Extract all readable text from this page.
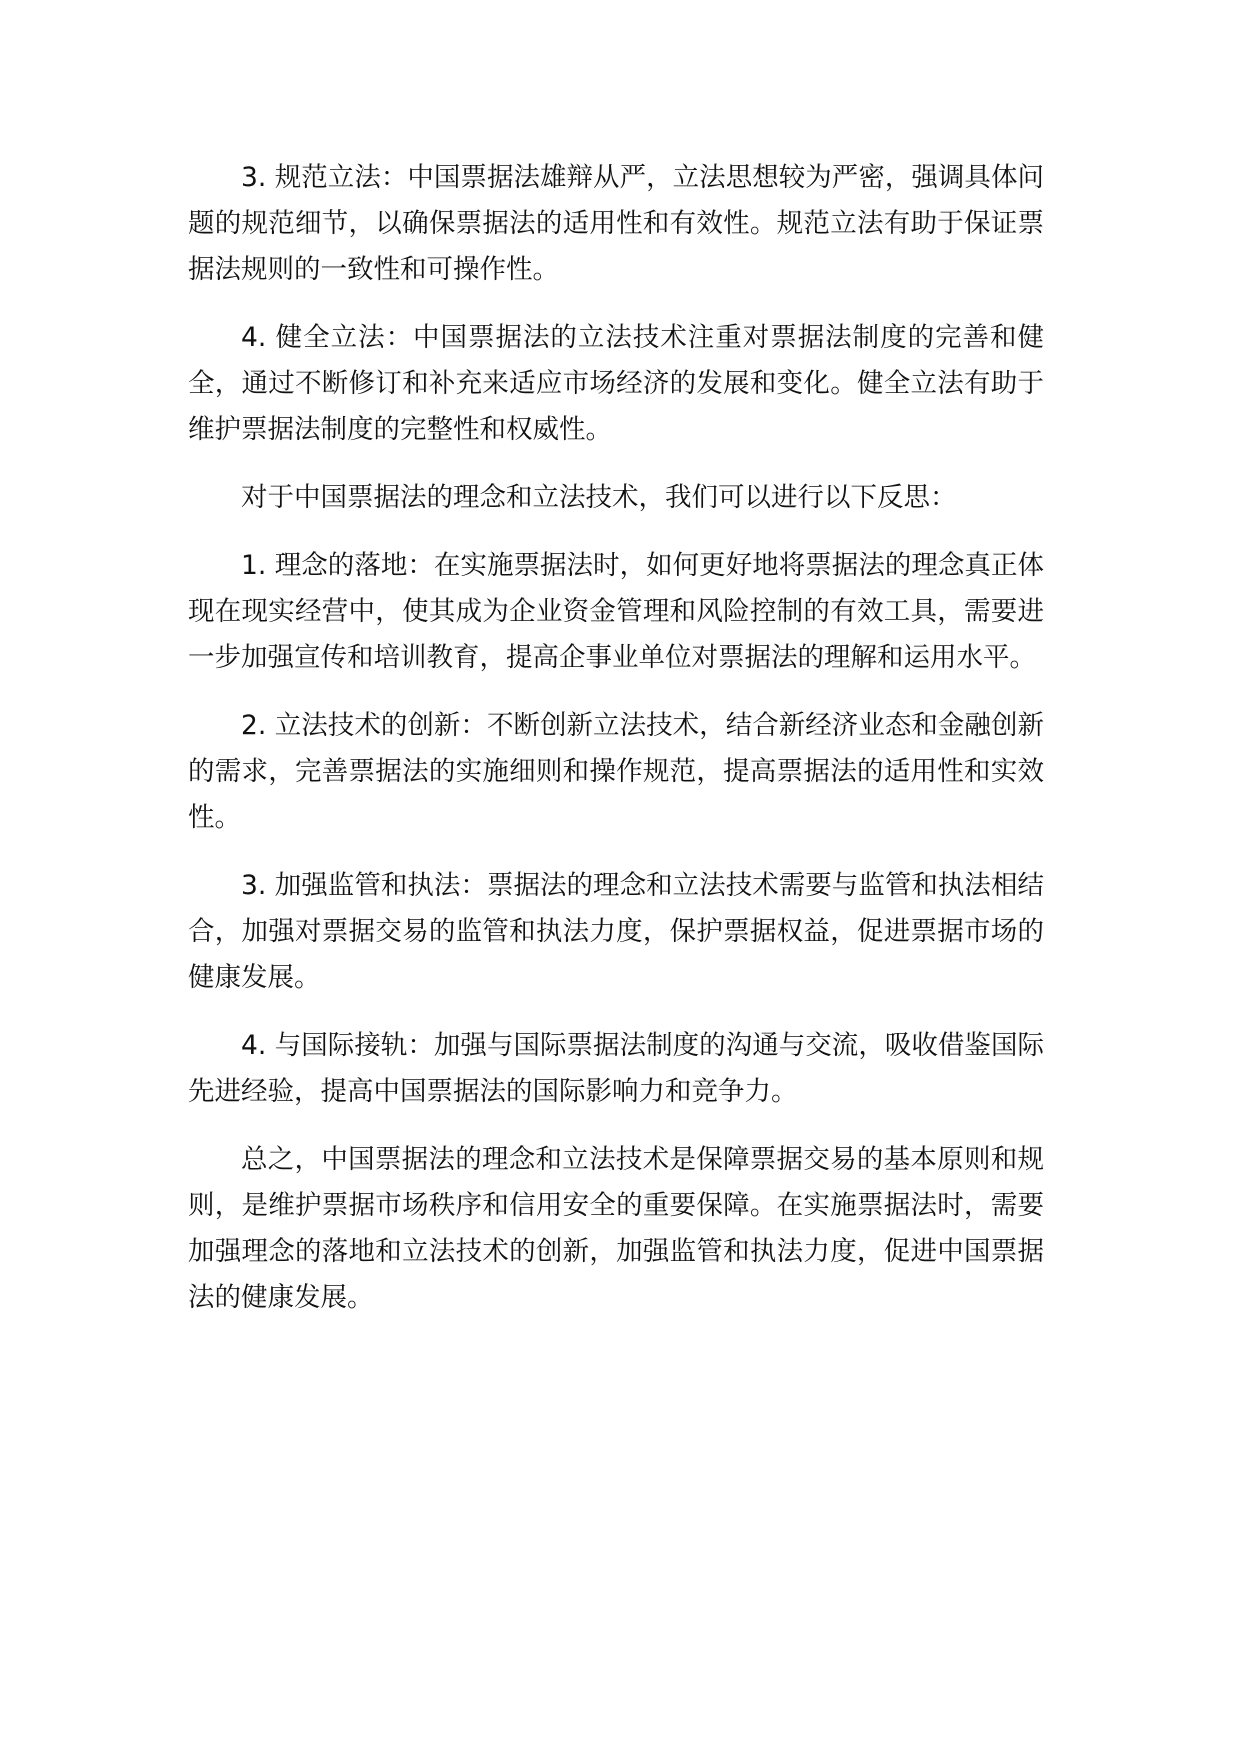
3. 规范立法：中国票据法雄辩从严，立法思想较为严密，强调具体问题的规范细节，以确保票据法的适用性和有效性。规范立法有助于保证票据法规则的一致性和可操作性。

4. 健全立法：中国票据法的立法技术注重对票据法制度的完善和健全，通过不断修订和补充来适应市场经济的发展和变化。健全立法有助于维护票据法制度的完整性和权威性。

对于中国票据法的理念和立法技术，我们可以进行以下反思：

1. 理念的落地：在实施票据法时，如何更好地将票据法的理念真正体现在现实经营中，使其成为企业资金管理和风险控制的有效工具，需要进一步加强宣传和培训教育，提高企事业单位对票据法的理解和运用水平。

2. 立法技术的创新：不断创新立法技术，结合新经济业态和金融创新的需求，完善票据法的实施细则和操作规范，提高票据法的适用性和实效性。

3. 加强监管和执法：票据法的理念和立法技术需要与监管和执法相结合，加强对票据交易的监管和执法力度，保护票据权益，促进票据市场的健康发展。

4. 与国际接轨：加强与国际票据法制度的沟通与交流，吸收借鉴国际先进经验，提高中国票据法的国际影响力和竞争力。

总之，中国票据法的理念和立法技术是保障票据交易的基本原则和规则，是维护票据市场秩序和信用安全的重要保障。在实施票据法时，需要加强理念的落地和立法技术的创新，加强监管和执法力度，促进中国票据法的健康发展。
